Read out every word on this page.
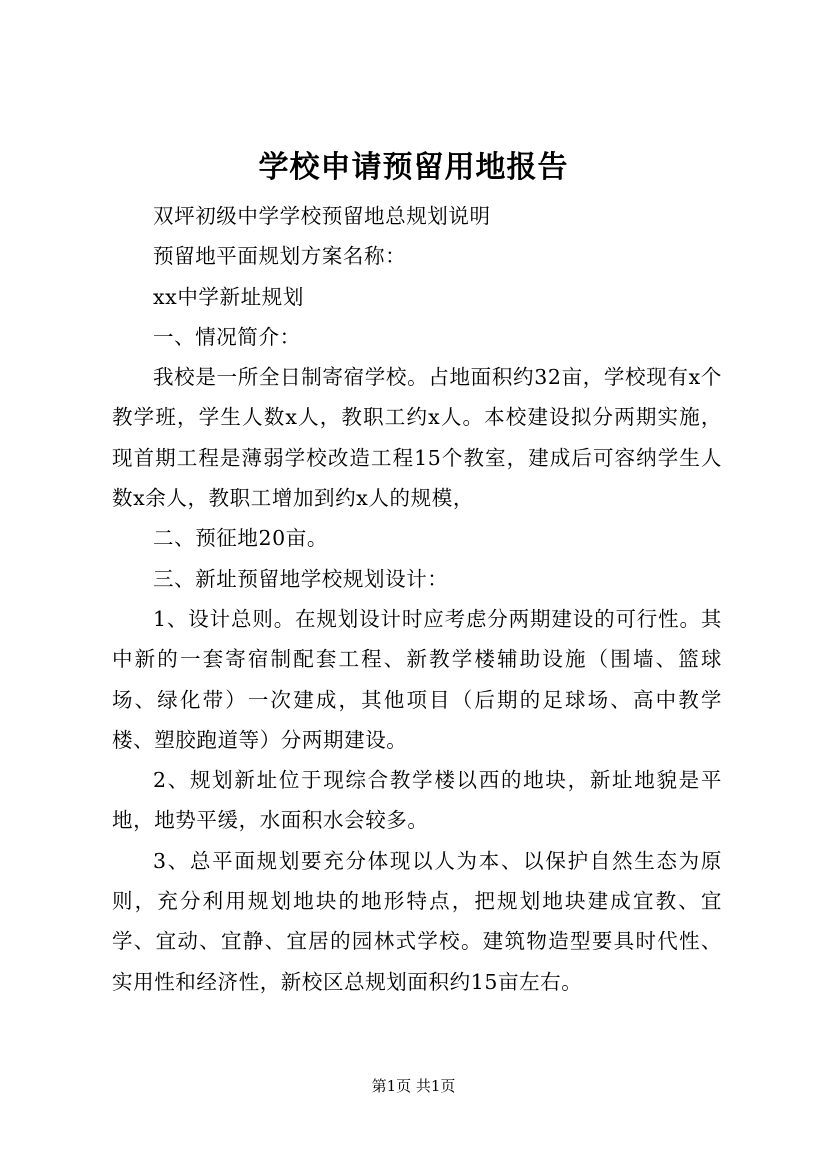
学校申请预留用地报告

双坪初级中学学校预留地总规划说明

预留地平面规划方案名称：

xx中学新址规划

一、情况简介：

我校是一所全日制寄宿学校。占地面积约32亩，学校现有x个教学班，学生人数x人，教职工约x人。本校建设拟分两期实施，现首期工程是薄弱学校改造工程15个教室，建成后可容纳学生人数x余人，教职工增加到约x人的规模，

二、预征地20亩。

三、新址预留地学校规划设计：

1、设计总则。在规划设计时应考虑分两期建设的可行性。其中新的一套寄宿制配套工程、新教学楼辅助设施（围墙、篮球场、绿化带）一次建成，其他项目（后期的足球场、高中教学楼、塑胶跑道等）分两期建设。

2、规划新址位于现综合教学楼以西的地块，新址地貌是平地，地势平缓，水面积水会较多。

3、总平面规划要充分体现以人为本、以保护自然生态为原则，充分利用规划地块的地形特点，把规划地块建成宜教、宜学、宜动、宜静、宜居的园林式学校。建筑物造型要具时代性、实用性和经济性，新校区总规划面积约15亩左右。

第1页 共1页
